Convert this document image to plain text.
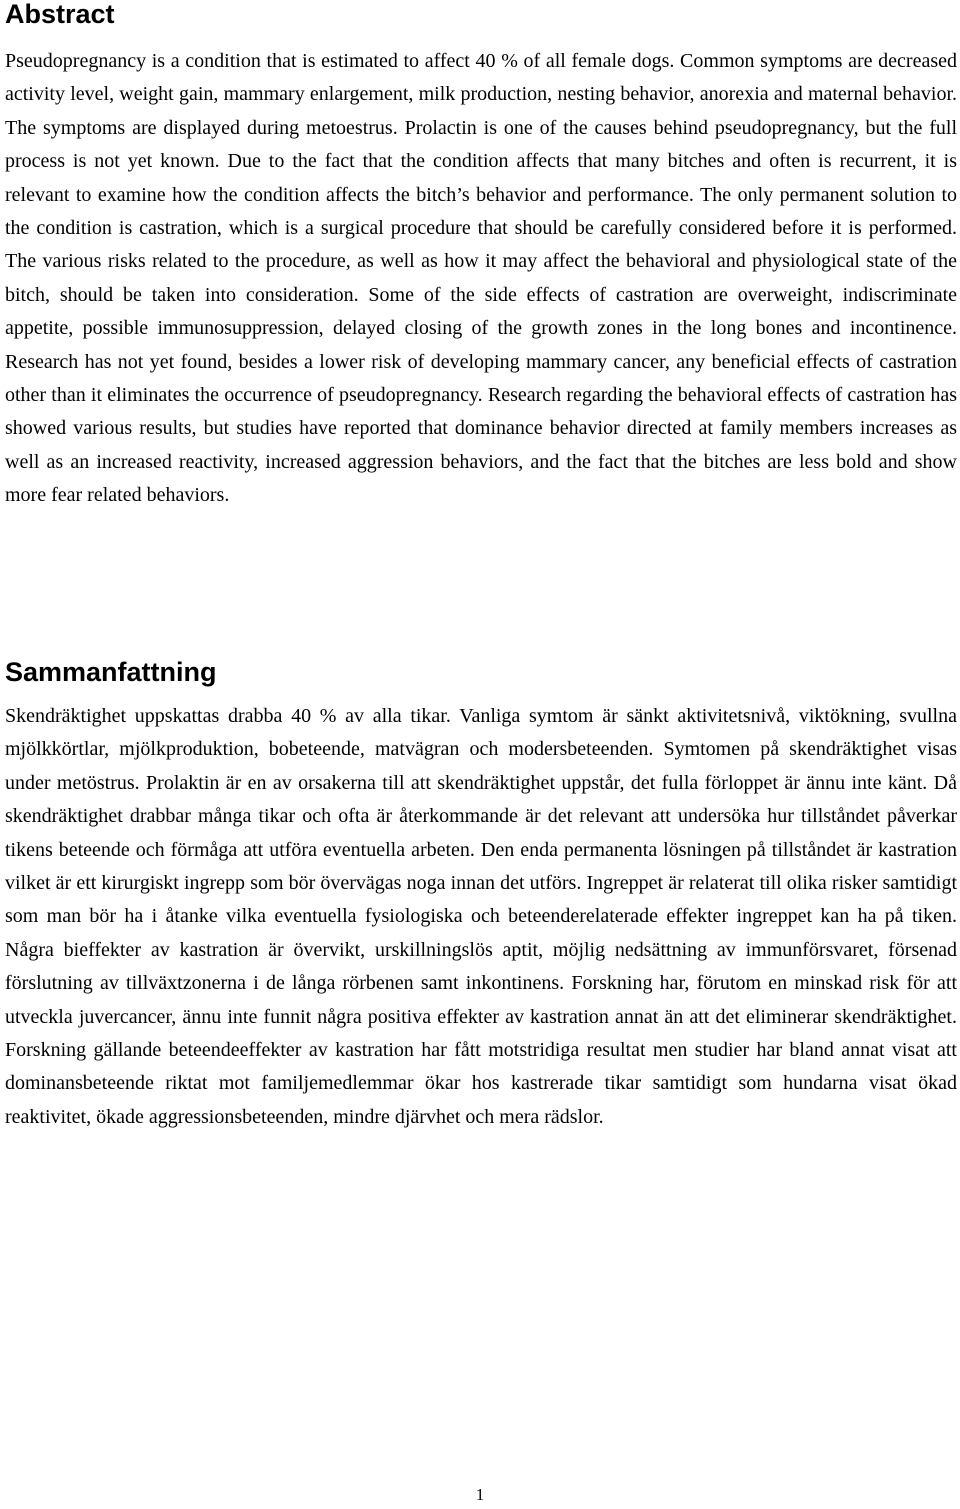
Abstract

Pseudopregnancy is a condition that is estimated to affect 40 % of all female dogs. Common symptoms are decreased activity level, weight gain, mammary enlargement, milk production, nesting behavior, anorexia and maternal behavior. The symptoms are displayed during metoestrus. Prolactin is one of the causes behind pseudopregnancy, but the full process is not yet known. Due to the fact that the condition affects that many bitches and often is recurrent, it is relevant to examine how the condition affects the bitch’s behavior and performance. The only permanent solution to the condition is castration, which is a surgical procedure that should be carefully considered before it is performed. The various risks related to the procedure, as well as how it may affect the behavioral and physiological state of the bitch, should be taken into consideration. Some of the side effects of castration are overweight, indiscriminate appetite, possible immunosuppression, delayed closing of the growth zones in the long bones and incontinence. Research has not yet found, besides a lower risk of developing mammary cancer, any beneficial effects of castration other than it eliminates the occurrence of pseudopregnancy. Research regarding the behavioral effects of castration has showed various results, but studies have reported that dominance behavior directed at family members increases as well as an increased reactivity, increased aggression behaviors, and the fact that the bitches are less bold and show more fear related behaviors.

Sammanfattning

Skendräktighet uppskattas drabba 40 % av alla tikar. Vanliga symtom är sänkt aktivitetsnivå, viktökning, svullna mjölkkörtlar, mjölkproduktion, bobeteende, matvägran och modersbeteenden. Symtomen på skendräktighet visas under metöstrus. Prolaktin är en av orsakerna till att skendräktighet uppstår, det fulla förloppet är ännu inte känt. Då skendräktighet drabbar många tikar och ofta är återkommande är det relevant att undersöka hur tillståndet påverkar tikens beteende och förmåga att utföra eventuella arbeten. Den enda permanenta lösningen på tillståndet är kastration vilket är ett kirurgiskt ingrepp som bör övervägas noga innan det utförs. Ingreppet är relaterat till olika risker samtidigt som man bör ha i åtanke vilka eventuella fysiologiska och beteenderelaterade effekter ingreppet kan ha på tiken. Några bieffekter av kastration är övervikt, urskillningslös aptit, möjlig nedsättning av immunförsvaret, försenad förslutning av tillväxtzonerna i de långa rörbenen samt inkontinens. Forskning har, förutom en minskad risk för att utveckla juvercancer, ännu inte funnit några positiva effekter av kastration annat än att det eliminerar skendräktighet. Forskning gällande beteendeeffekter av kastration har fått motstridiga resultat men studier har bland annat visat att dominansbeteende riktat mot familjemedlemmar ökar hos kastrerade tikar samtidigt som hundarna visat ökad reaktivitet, ökade aggressionsbeteenden, mindre djärvhet och mera rädslor.

1
